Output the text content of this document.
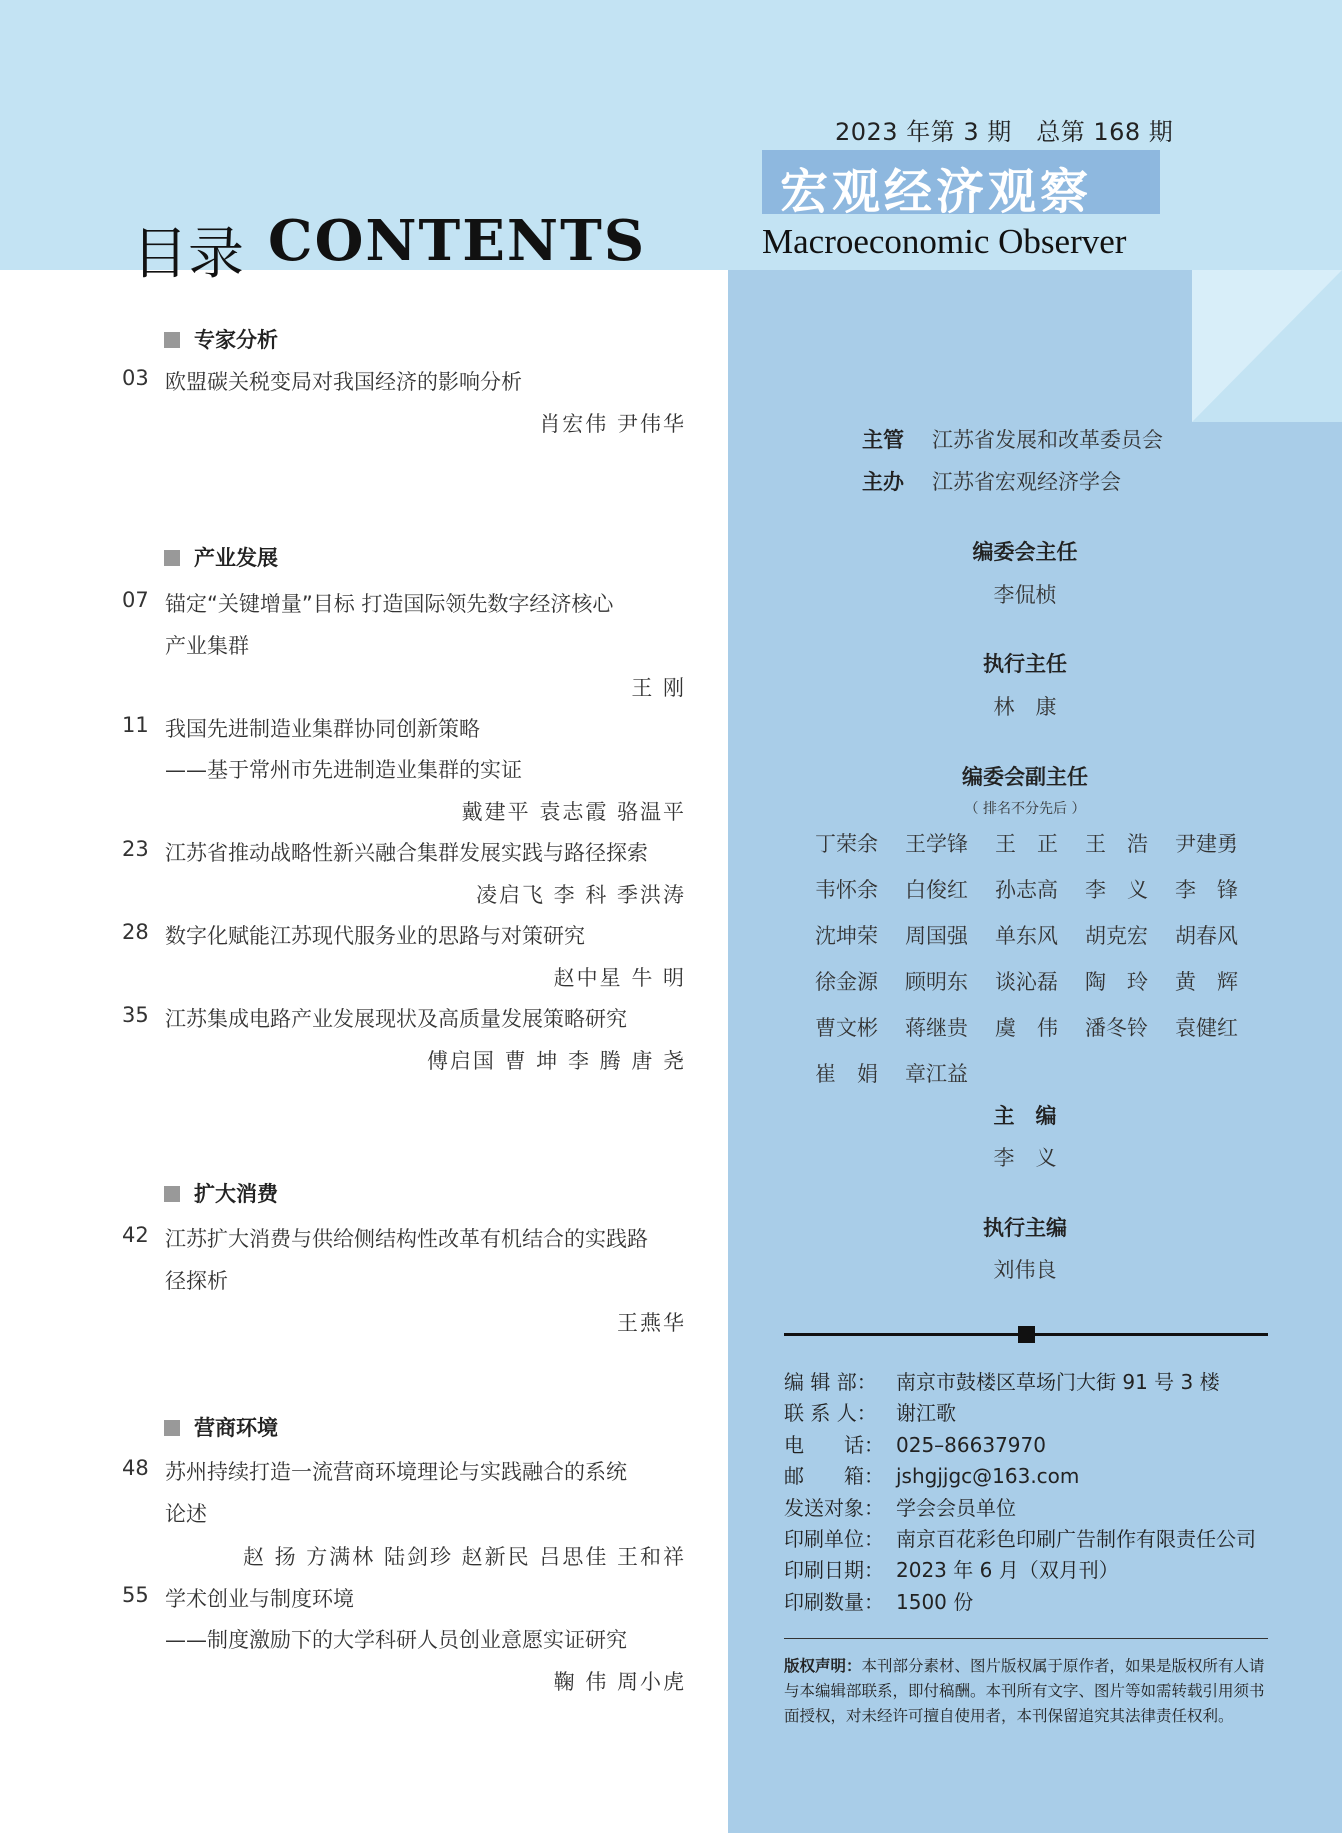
2023 年第 3 期　总第 168 期
宏观经济观察
Macroeconomic Observer
目录 CONTENTS
专家分析
03 欧盟碳关税变局对我国经济的影响分析
肖宏伟 尹伟华
产业发展
07 锚定“关键增量”目标 打造国际领先数字经济核心
产业集群
王 刚
11 我国先进制造业集群协同创新策略
——基于常州市先进制造业集群的实证
戴建平 袁志霞 骆温平
23 江苏省推动战略性新兴融合集群发展实践与路径探索
凌启飞 李 科 季洪涛
28 数字化赋能江苏现代服务业的思路与对策研究
赵中星 牛 明
35 江苏集成电路产业发展现状及高质量发展策略研究
傅启国 曹 坤 李 腾 唐 尧
扩大消费
42 江苏扩大消费与供给侧结构性改革有机结合的实践路
径探析
王燕华
营商环境
48 苏州持续打造一流营商环境理论与实践融合的系统
论述
赵 扬 方满林 陆剑珍 赵新民 吕思佳 王和祥
55 学术创业与制度环境
——制度激励下的大学科研人员创业意愿实证研究
鞠 伟 周小虎
主管 江苏省发展和改革委员会
主办 江苏省宏观经济学会
编委会主任
李侃桢
执行主任
林　康
编委会副主任
（ 排名不分先后 ）
丁荣余	王学锋	王　正	王　浩	尹建勇
韦怀余	白俊红	孙志高	李　义	李　锋
沈坤荣	周国强	单东风	胡克宏	胡春风
徐金源	顾明东	谈沁磊	陶　玲	黄　辉
曹文彬	蒋继贵	虞　伟	潘冬铃	袁健红
崔　娟	章江益
主　编
李　义
执行主编
刘伟良
编 辑 部： 南京市鼓楼区草场门大街 91 号 3 楼
联 系 人： 谢江歌
电　　话： 025–86637970
邮　　箱： jshgjjgc@163.com
发送对象： 学会会员单位
印刷单位： 南京百花彩色印刷广告制作有限责任公司
印刷日期： 2023 年 6 月（双月刊）
印刷数量： 1500 份
版权声明：本刊部分素材、图片版权属于原作者，如果是版权所有人请与本编辑部联系，即付稿酬。本刊所有文字、图片等如需转载引用须书面授权，对未经许可擅自使用者，本刊保留追究其法律责任权利。
